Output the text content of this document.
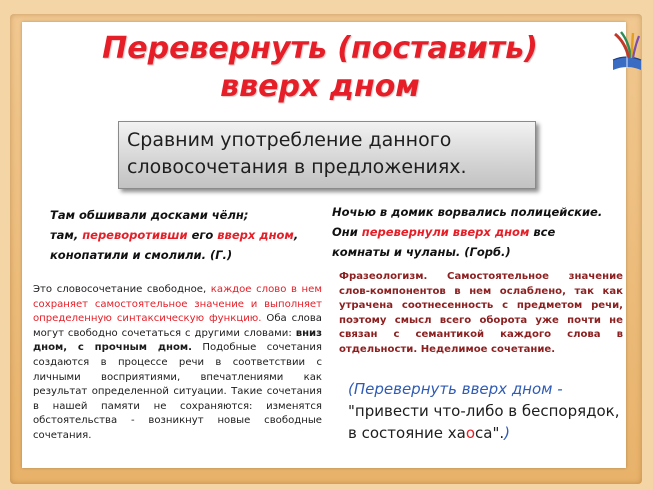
Перевернуть (поставить)
вверх дном
Сравним употребление данного
словосочетания в предложениях.
Там обшивали досками чёлн;
там, переворотивши его вверх дном, конопатили и смолили. (Г.)
Ночью в домик ворвались полицейские.
Они перевернули вверх дном все
комнаты и чуланы. (Горб.)
Это словосочетание свободное, каждое слово в нем сохраняет самостоятельное значение и выполняет определенную синтаксическую функцию. Оба слова могут свободно сочетаться с другими словами: вниз дном, с прочным дном. Подобные сочетания создаются в процессе речи в соответствии с личными восприятиями, впечатлениями как результат определенной ситуации. Такие сочетания в нашей памяти не сохраняются: изменятся обстоятельства - возникнут новые свободные сочетания.
Фразеологизм. Самостоятельное значение слов-компонентов в нем ослаблено, так как утрачена соотнесенность с предметом речи, поэтому смысл всего оборота уже почти не связан с семантикой каждого слова в отдельности. Неделимое сочетание.
(Перевернуть вверх дном -
"привести что-либо в беспорядок,
в состояние хаоса".)
